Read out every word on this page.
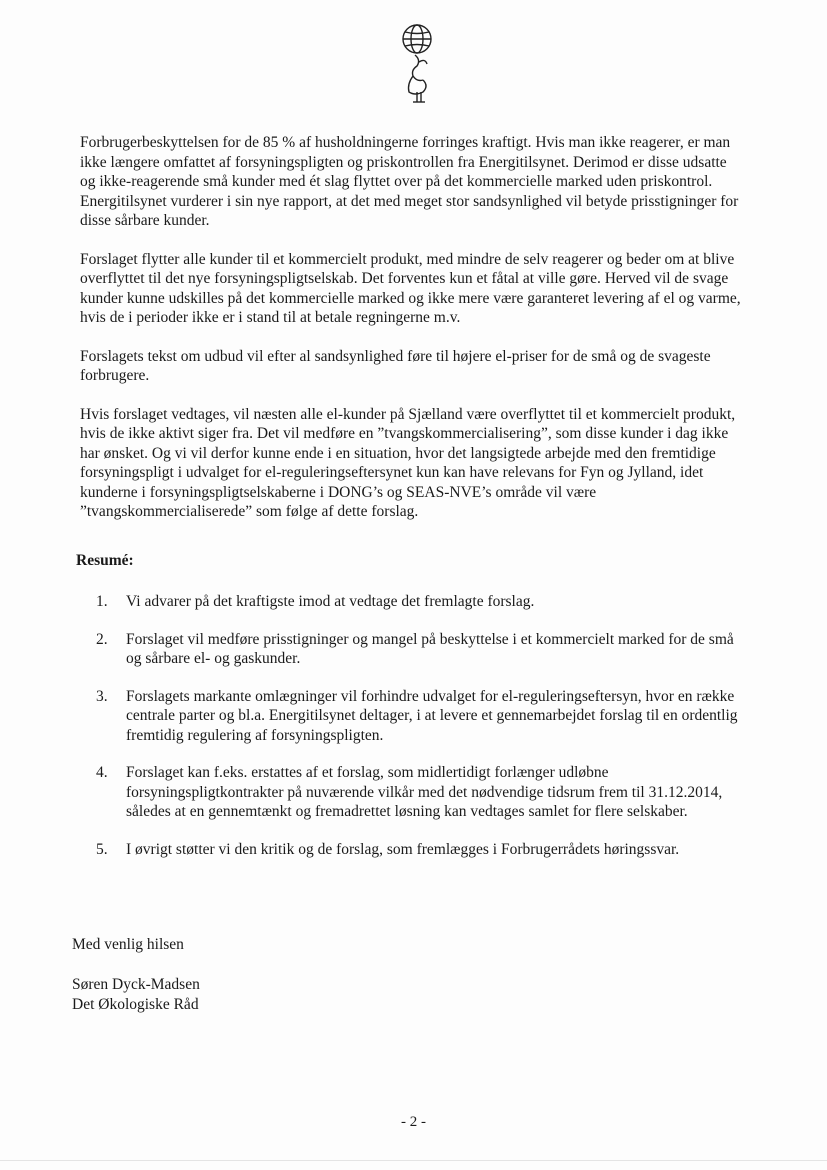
Forbrugerbeskyttelsen for de 85 % af husholdningerne forringes kraftigt. Hvis man ikke reagerer, er man ikke længere omfattet af forsyningspligten og priskontrollen fra Energitilsynet. Derimod er disse udsatte og ikke-reagerende små kunder med ét slag flyttet over på det kommercielle marked uden priskontrol. Energitilsynet vurderer i sin nye rapport, at det med meget stor sandsynlighed vil betyde prisstigninger for disse sårbare kunder.

Forslaget flytter alle kunder til et kommercielt produkt, med mindre de selv reagerer og beder om at blive overflyttet til det nye forsyningspligtselskab. Det forventes kun et fåtal at ville gøre. Herved vil de svage kunder kunne udskilles på det kommercielle marked og ikke mere være garanteret levering af el og varme, hvis de i perioder ikke er i stand til at betale regningerne m.v.

Forslagets tekst om udbud vil efter al sandsynlighed føre til højere el-priser for de små og de svageste forbrugere.

Hvis forslaget vedtages, vil næsten alle el-kunder på Sjælland være overflyttet til et kommercielt produkt, hvis de ikke aktivt siger fra. Det vil medføre en ”tvangskommercialisering”, som disse kunder i dag ikke har ønsket. Og vi vil derfor kunne ende i en situation, hvor det langsigtede arbejde med den fremtidige forsyningspligt i udvalget for el-reguleringseftersynet kun kan have relevans for Fyn og Jylland, idet kunderne i forsyningspligtselskaberne i DONG’s og SEAS-NVE’s område vil være ”tvangskommercialiserede” som følge af dette forslag.

Resumé:
1.	Vi advarer på det kraftigste imod at vedtage det fremlagte forslag.
2.	Forslaget vil medføre prisstigninger og mangel på beskyttelse i et kommercielt marked for de små og sårbare el- og gaskunder.
3.	Forslagets markante omlægninger vil forhindre udvalget for el-reguleringseftersyn, hvor en række centrale parter og bl.a. Energitilsynet deltager, i at levere et gennemarbejdet forslag til en ordentlig fremtidig regulering af forsyningspligten.
4.	Forslaget kan f.eks. erstattes af et forslag, som midlertidigt forlænger udløbne forsyningspligtkontrakter på nuværende vilkår med det nødvendige tidsrum frem til 31.12.2014, således at en gennemtænkt og fremadrettet løsning kan vedtages samlet for flere selskaber.
5.	I øvrigt støtter vi den kritik og de forslag, som fremlægges i Forbrugerrådets høringssvar.
Med venlig hilsen
Søren Dyck-Madsen
Det Økologiske Råd
- 2 -
